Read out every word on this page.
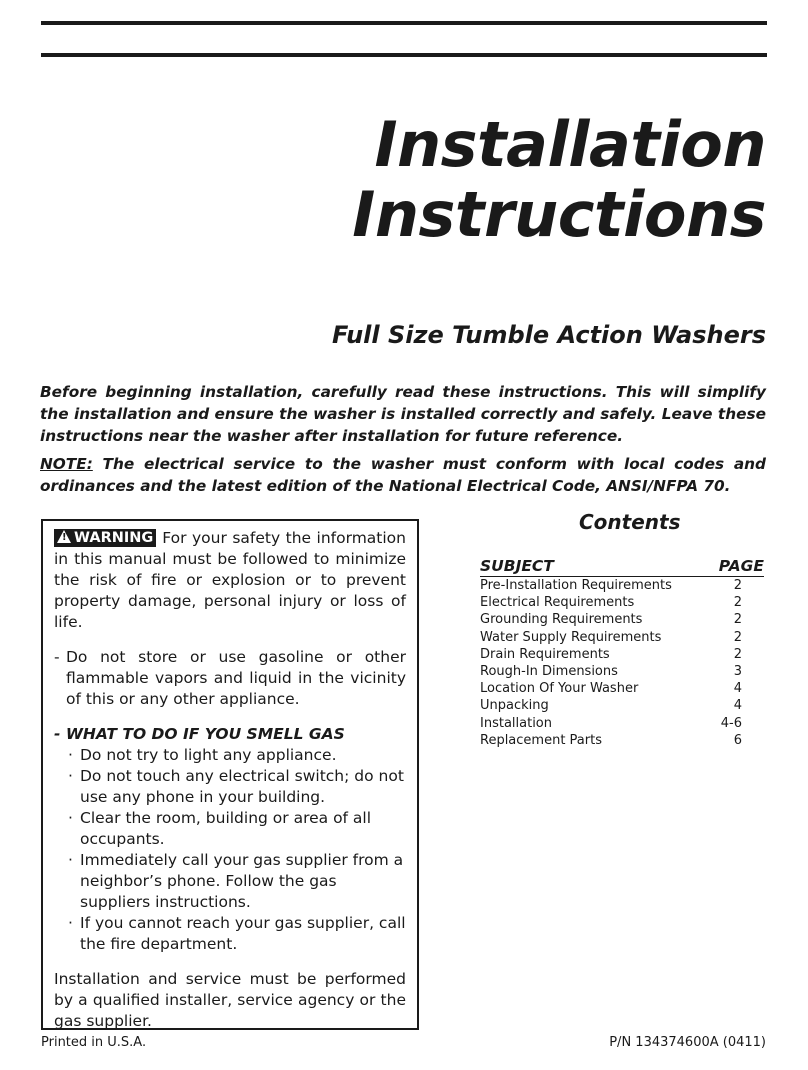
Installation
Instructions
Full Size Tumble Action Washers

Before beginning installation, carefully read these instructions. This will simplify the installation and ensure the washer is installed correctly and safely. Leave these instructions near the washer after installation for future reference.

NOTE: The electrical service to the washer must conform with local codes and ordinances and the latest edition of the National Electrical Code, ANSI/NFPA 70.

! WARNING For your safety the information in this manual must be followed to minimize the risk of fire or explosion or to prevent property damage, personal injury or loss of life.

- Do not store or use gasoline or other flammable vapors and liquid in the vicinity of this or any other appliance.

- WHAT TO DO IF YOU SMELL GAS

· Do not try to light any appliance.
· Do not touch any electrical switch; do not use any phone in your building.
· Clear the room, building or area of all occupants.
· Immediately call your gas supplier from a neighbor’s phone. Follow the gas suppliers instructions.
· If you cannot reach your gas supplier, call the fire department.

Installation and service must be performed by a qualified installer, service agency or the gas supplier.

Contents
SUBJECT	PAGE
Pre-Installation Requirements	2
Electrical Requirements	2
Grounding Requirements	2
Water Supply Requirements	2
Drain Requirements	2
Rough-In Dimensions	3
Location Of Your Washer	4
Unpacking	4
Installation	4-6
Replacement Parts	6

Printed in U.S.A.	P/N 134374600A (0411)
